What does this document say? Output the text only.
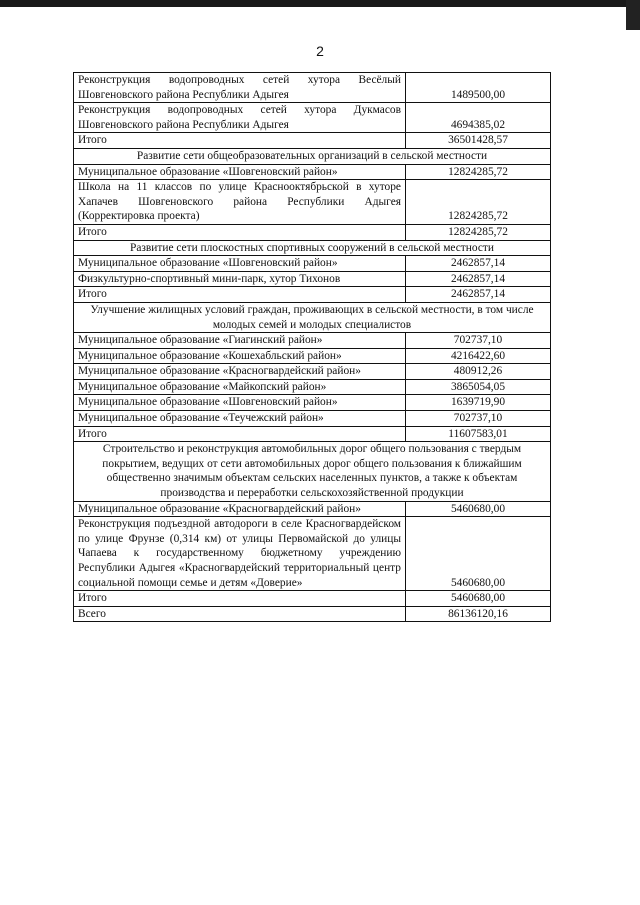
2
Реконструкция водопроводных сетей хутора Весёлый Шовгеновского района Республики Адыгея	1489500,00
Реконструкция водопроводных сетей хутора Дукмасов Шовгеновского района Республики Адыгея	4694385,02
Итого	36501428,57
Развитие сети общеобразовательных организаций в сельской местности	
Муниципальное образование «Шовгеновский район»	12824285,72
Школа на 11 классов по улице Краснооктябрьской в хуторе Хапачев Шовгеновского района Республики Адыгея (Корректировка проекта)	12824285,72
Итого	12824285,72
Развитие сети плоскостных спортивных сооружений в сельской местности	
Муниципальное образование «Шовгеновский район»	2462857,14
Физкультурно-спортивный мини-парк, хутор Тихонов	2462857,14
Итого	2462857,14
Улучшение жилищных условий граждан, проживающих в сельской местности, в том числе молодых семей и молодых специалистов	
Муниципальное образование «Гиагинский район»	702737,10
Муниципальное образование «Кошехабльский район»	4216422,60
Муниципальное образование «Красногвардейский район»	480912,26
Муниципальное образование «Майкопский район»	3865054,05
Муниципальное образование «Шовгеновский район»	1639719,90
Муниципальное образование «Теучежский район»	702737,10
Итого	11607583,01
Строительство и реконструкция автомобильных дорог общего пользования с твердым покрытием, ведущих от сети автомобильных дорог общего пользования к ближайшим общественно значимым объектам сельских населенных пунктов, а также к объектам производства и переработки сельскохозяйственной продукции	
Муниципальное образование «Красногвардейский район»	5460680,00
Реконструкция подъездной автодороги в селе Красногвардейском по улице Фрунзе (0,314 км) от улицы Первомайской до улицы Чапаева к государственному бюджетному учреждению Республики Адыгея «Красногвардейский территориальный центр социальной помощи семье и детям «Доверие»	5460680,00
Итого	5460680,00
Всего	86136120,16
